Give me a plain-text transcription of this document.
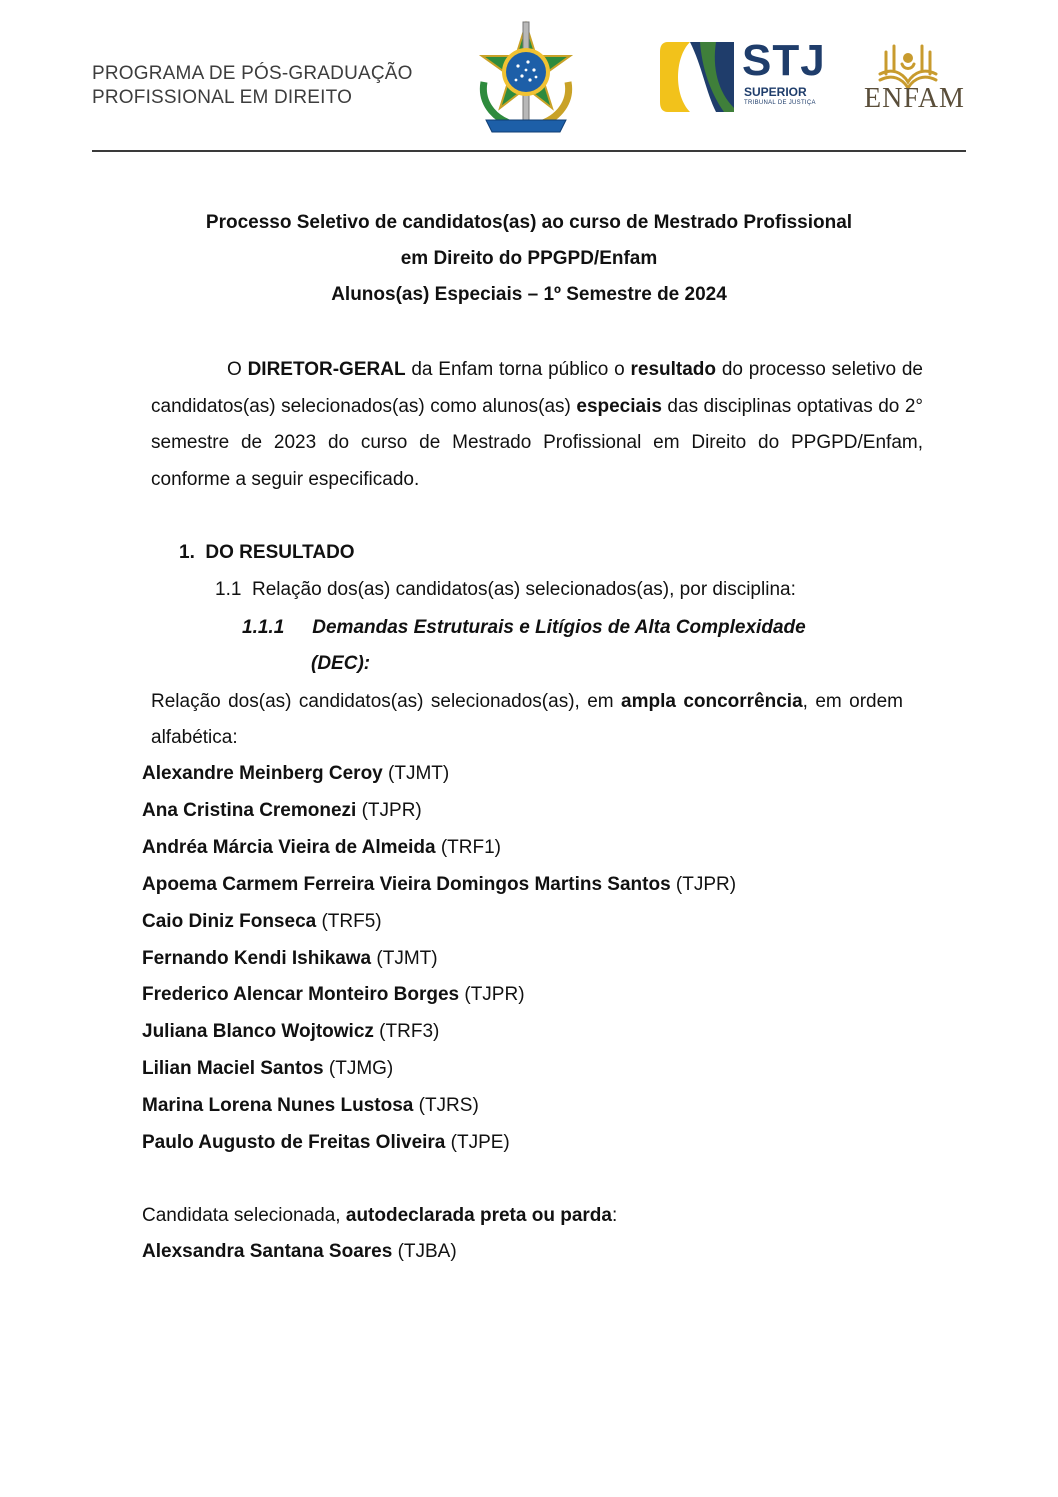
PROGRAMA DE PÓS-GRADUAÇÃO
PROFISSIONAL EM DIREITO
STJ
SUPERIOR
TRIBUNAL DE JUSTIÇA ENFAM
Processo Seletivo de candidatos(as) ao curso de Mestrado Profissional
em Direito do PPGPD/Enfam
Alunos(as) Especiais – 1º Semestre de 2024
O DIRETOR-GERAL da Enfam torna público o resultado do processo seletivo de candidatos(as) selecionados(as) como alunos(as) especiais das disciplinas optativas do 2° semestre de 2023 do curso de Mestrado Profissional em Direito do PPGPD/Enfam, conforme a seguir especificado.
1.  DO RESULTADO
1.1  Relação dos(as) candidatos(as) selecionados(as), por disciplina:
1.1.1 Demandas Estruturais e Litígios de Alta Complexidade
(DEC):
Relação dos(as) candidatos(as) selecionados(as), em ampla concorrência, em ordem alfabética:
Alexandre Meinberg Ceroy (TJMT)
Ana Cristina Cremonezi (TJPR)
Andréa Márcia Vieira de Almeida (TRF1)
Apoema Carmem Ferreira Vieira Domingos Martins Santos (TJPR)
Caio Diniz Fonseca (TRF5)
Fernando Kendi Ishikawa (TJMT)
Frederico Alencar Monteiro Borges (TJPR)
Juliana Blanco Wojtowicz (TRF3)
Lilian Maciel Santos (TJMG)
Marina Lorena Nunes Lustosa (TJRS)
Paulo Augusto de Freitas Oliveira (TJPE)
Candidata selecionada, autodeclarada preta ou parda:
Alexsandra Santana Soares (TJBA)
